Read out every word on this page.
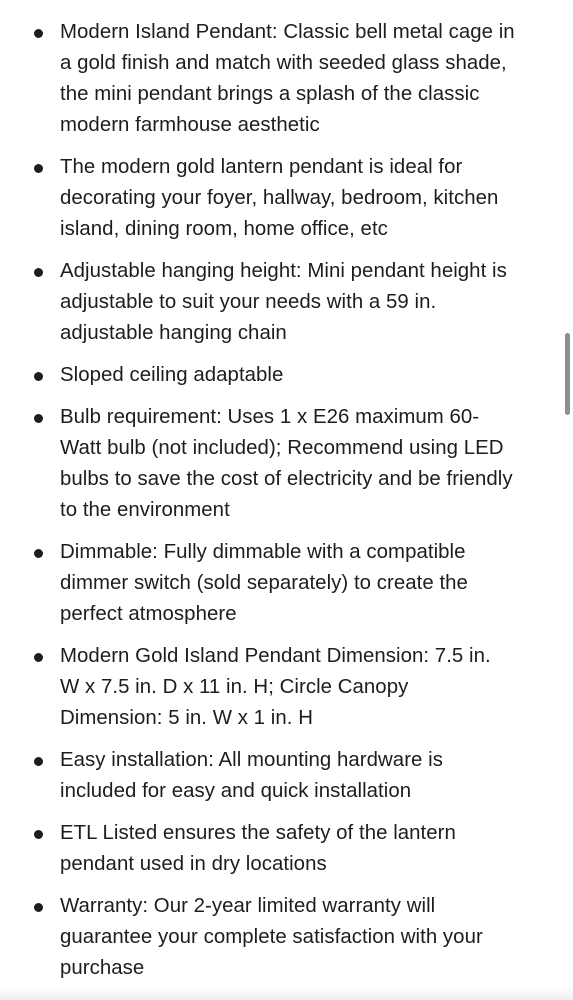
Modern Island Pendant: Classic bell metal cage in a gold finish and match with seeded glass shade, the mini pendant brings a splash of the classic modern farmhouse aesthetic
The modern gold lantern pendant is ideal for decorating your foyer, hallway, bedroom, kitchen island, dining room, home office, etc
Adjustable hanging height: Mini pendant height is adjustable to suit your needs with a 59 in. adjustable hanging chain
Sloped ceiling adaptable
Bulb requirement: Uses 1 x E26 maximum 60-Watt bulb (not included); Recommend using LED bulbs to save the cost of electricity and be friendly to the environment
Dimmable: Fully dimmable with a compatible dimmer switch (sold separately) to create the perfect atmosphere
Modern Gold Island Pendant Dimension: 7.5 in. W x 7.5 in. D x 11 in. H; Circle Canopy Dimension: 5 in. W x 1 in. H
Easy installation: All mounting hardware is included for easy and quick installation
ETL Listed ensures the safety of the lantern pendant used in dry locations
Warranty: Our 2-year limited warranty will guarantee your complete satisfaction with your purchase
